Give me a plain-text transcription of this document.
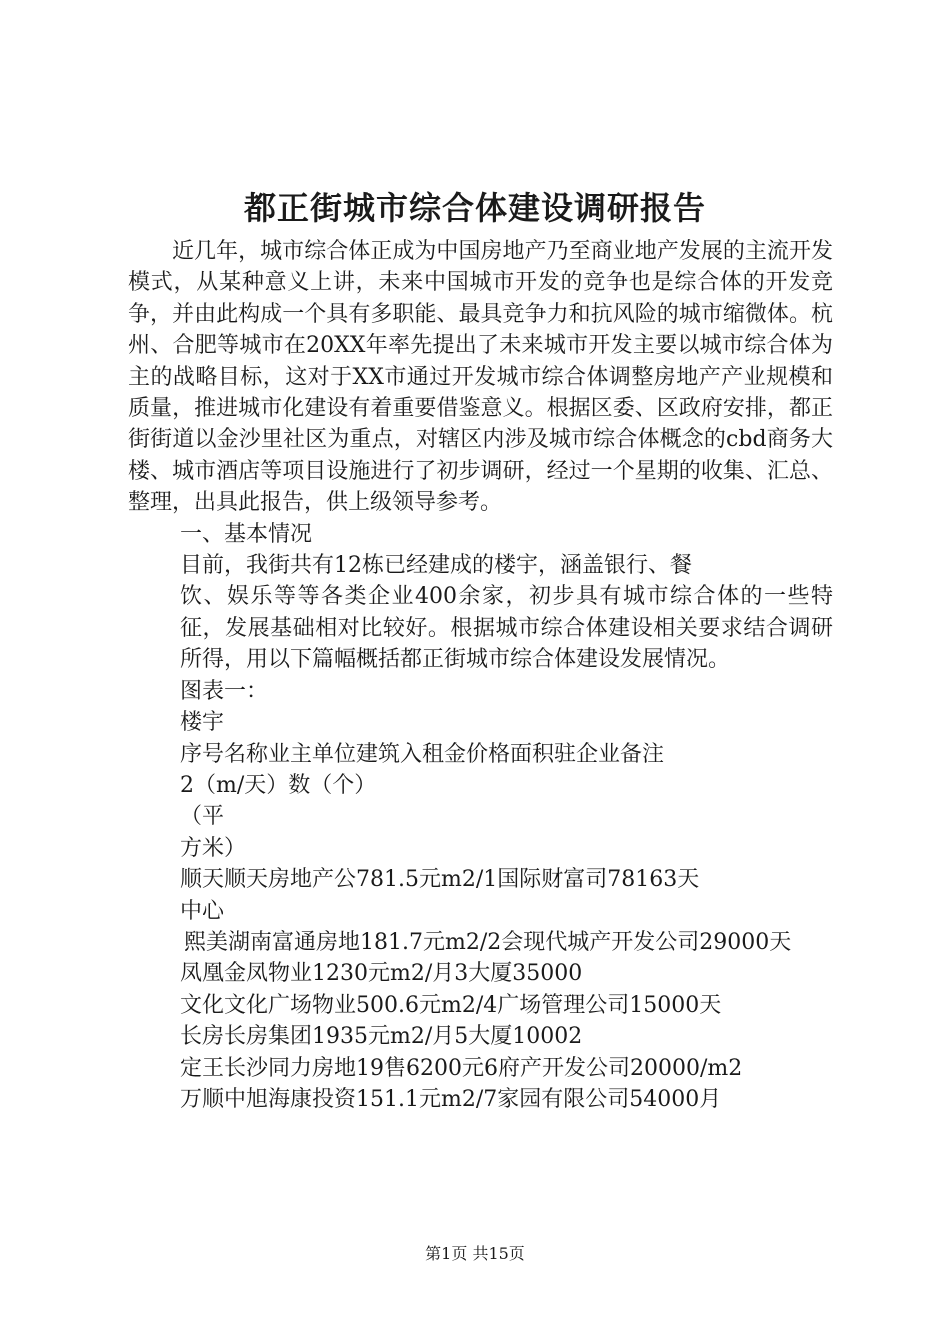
都正街城市综合体建设调研报告

近几年，城市综合体正成为中国房地产乃至商业地产发展的主流开发模式，从某种意义上讲，未来中国城市开发的竞争也是综合体的开发竞争，并由此构成一个具有多职能、最具竞争力和抗风险的城市缩微体。杭州、合肥等城市在20XX年率先提出了未来城市开发主要以城市综合体为主的战略目标，这对于XX市通过开发城市综合体调整房地产产业规模和质量，推进城市化建设有着重要借鉴意义。根据区委、区政府安排，都正街街道以金沙里社区为重点，对辖区内涉及城市综合体概念的cbd商务大楼、城市酒店等项目设施进行了初步调研，经过一个星期的收集、汇总、整理，出具此报告，供上级领导参考。

一、基本情况

目前，我街共有12栋已经建成的楼宇，涵盖银行、餐

饮、娱乐等等各类企业400余家，初步具有城市综合体的一些特征，发展基础相对比较好。根据城市综合体建设相关要求结合调研所得，用以下篇幅概括都正街城市综合体建设发展情况。

图表一：

楼宇

序号名称业主单位建筑入租金价格面积驻企业备注

2（m/天）数（个）

（平

方米）

顺天顺天房地产公781.5元m2/1国际财富司78163天

中心

熙美湖南富通房地181.7元m2/2会现代城产开发公司29000天

凤凰金凤物业1230元m2/月3大厦35000

文化文化广场物业500.6元m2/4广场管理公司15000天

长房长房集团1935元m2/月5大厦10002

定王长沙同力房地19售6200元6府产开发公司20000/m2

万顺中旭海康投资151.1元m2/7家园有限公司54000月

第1页 共15页
